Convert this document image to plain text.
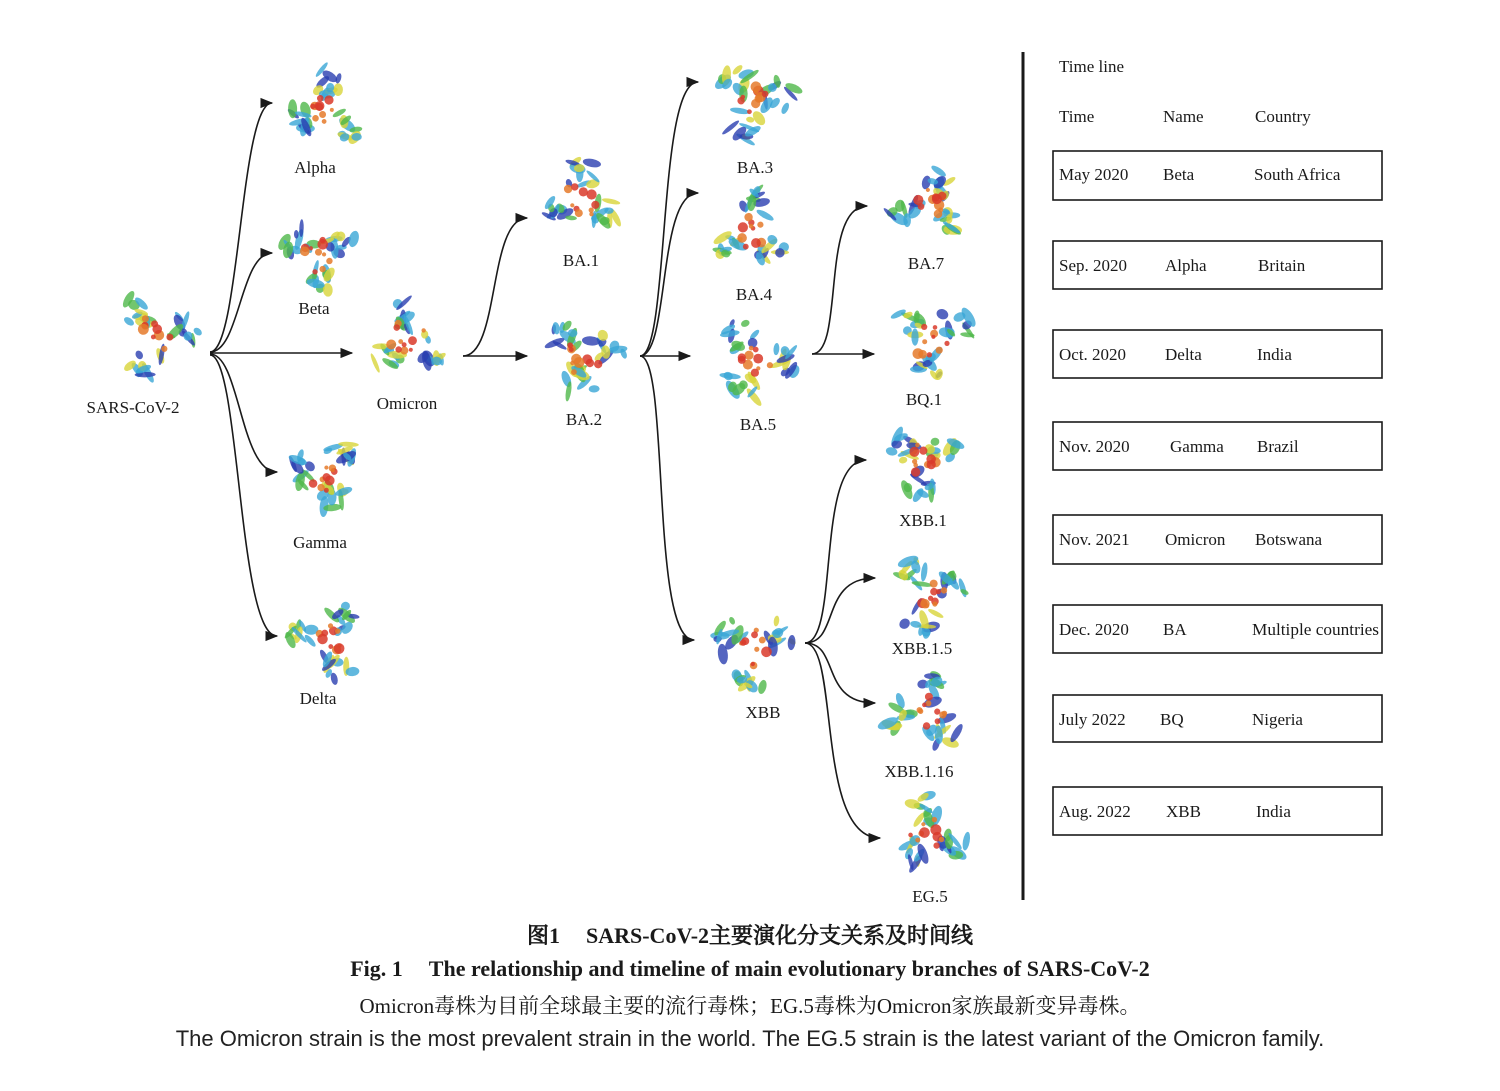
SARS-CoV-2
Alpha
Beta
Gamma
Delta
Omicron
BA.1
BA.2
BA.3
BA.4
BA.5
BA.7
BQ.1
XBB
XBB.1
XBB.1.5
XBB.1.16
EG.5
Time line
Time	Name	Country
May 2020 Beta	South Africa
Sep. 2020 Alpha	Britain
Oct. 2020 Delta	India
Nov. 2020 Gamma Brazil
Nov. 2021 Omicron Botswana
Dec. 2020 BA	Multiple countries
July 2022 BQ	Nigeria
Aug. 2022 XBB	India
图1 SARS-CoV-2主要演化分支关系及时间线
Fig. 1 The relationship and timeline of main evolutionary branches of SARS-CoV-2
Omicron毒株为目前全球最主要的流行毒株；EG.5毒株为Omicron家族最新变异毒株。
The Omicron strain is the most prevalent strain in the world. The EG.5 strain is the latest variant of the Omicron family.
